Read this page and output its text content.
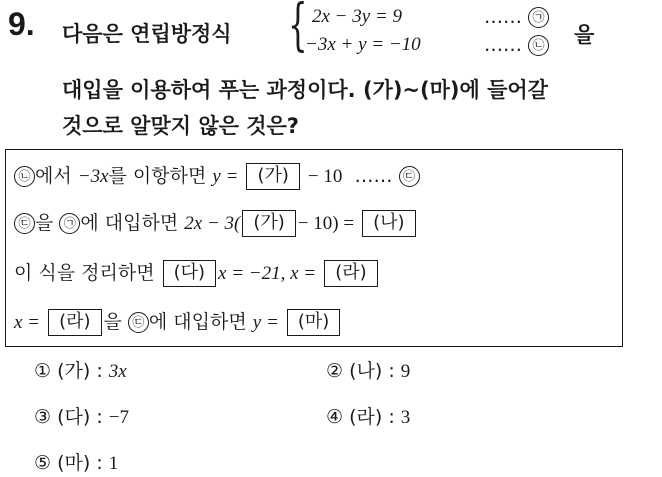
9. 다음은 연립방정식 { 2x − 3y = 9
−3x + y = −10
…… ㉠
…… ㉡ 을
대입을 이용하여 푸는 과정이다. (가)~(마)에 들어갈
것으로 알맞지 않은 것은?
㉡ 에서 −3x를 이항하면 y = (가) − 10 …… ㉢
㉢ 을 ㉠ 에 대입하면 2x − 3( (가) − 10) = (나)
이 식을 정리하면 (다) x = −21, x = (라)
x = (라) 을 ㉢ 에 대입하면 y = (마)
① (가) : 3x	② (나) : 9
③ (다) : −7	④ (라) : 3
⑤ (마) : 1
